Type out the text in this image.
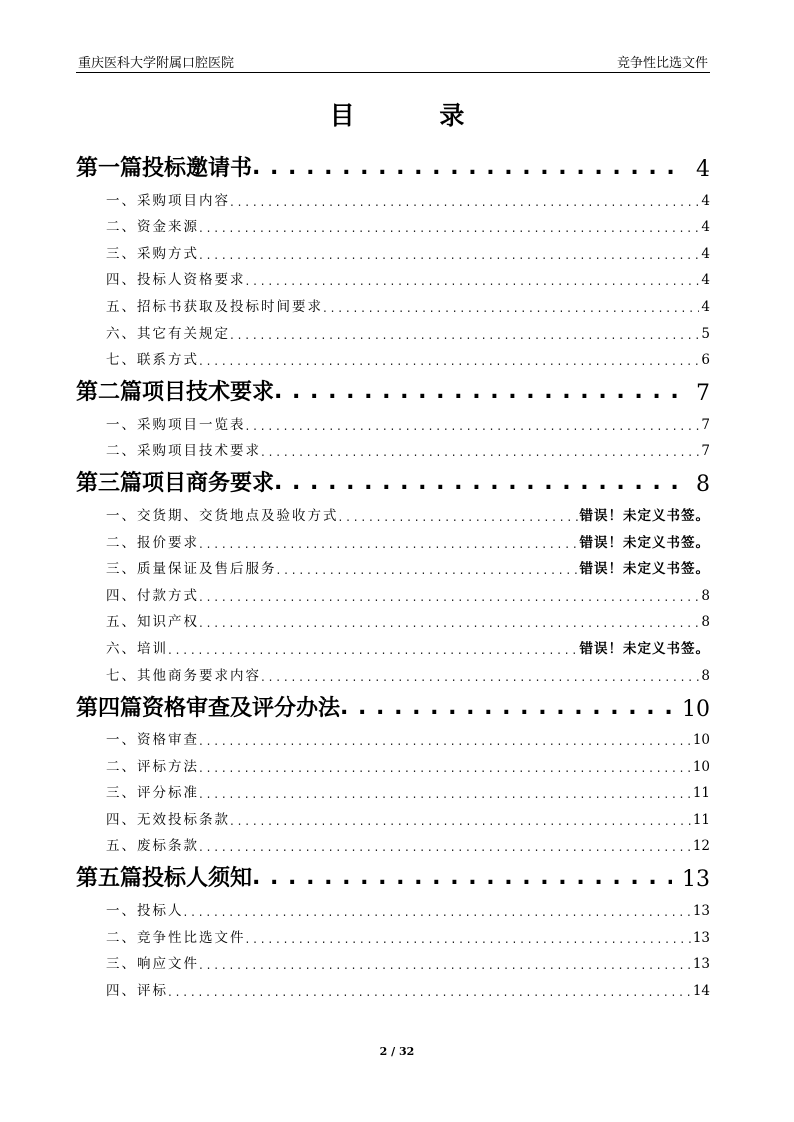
重庆医科大学附属口腔医院	竞争性比选文件
目 录
第一篇投标邀请书 . . .	4
一、采购项目内容 . . .	4
二、资金来源 . . .	4
三、采购方式 . . .	4
四、投标人资格要求 . . .	4
五、招标书获取及投标时间要求 . . .	4
六、其它有关规定 . . .	5
七、联系方式 . . .	6
第二篇项目技术要求 . . .	7
一、采购项目一览表 . . .	7
二、采购项目技术要求 . . .	7
第三篇项目商务要求 . . .	8
一、交货期、交货地点及验收方式 . . .	错误！未定义书签。
二、报价要求 . . .	错误！未定义书签。
三、质量保证及售后服务 . . .	错误！未定义书签。
四、付款方式 . . .	8
五、知识产权 . . .	8
六、培训 . . .	错误！未定义书签。
七、其他商务要求内容 . . .	8
第四篇资格审查及评分办法 . . .	10
一、资格审查 . . .	10
二、评标方法 . . .	10
三、评分标准 . . .	11
四、无效投标条款 . . .	11
五、废标条款 . . .	12
第五篇投标人须知 . . .	13
一、投标人 . . .	13
二、竞争性比选文件 . . .	13
三、响应文件 . . .	13
四、评标 . . .	14
2 / 32
